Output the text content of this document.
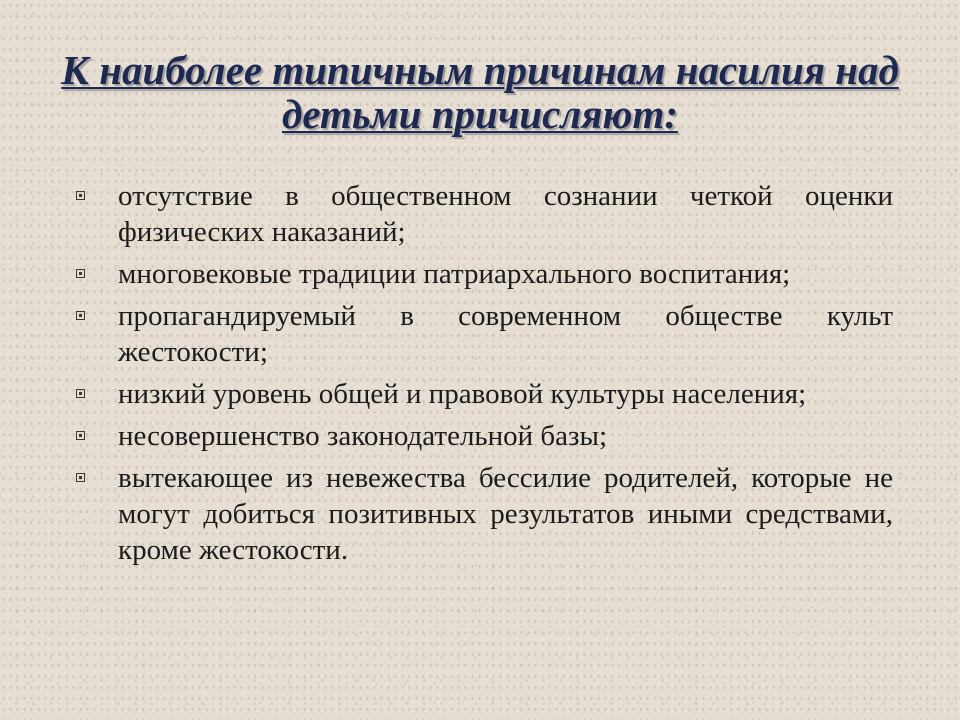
К наиболее типичным причинам насилия над
детьми причисляют:
отсутствие в общественном сознании четкой оценки физических наказаний;
многовековые традиции патриархального воспитания;
пропагандируемый в современном обществе культ жестокости;
низкий уровень общей и правовой культуры населения;
несовершенство законодательной базы;
вытекающее из невежества бессилие родителей, которые не могут добиться позитивных результатов иными средствами, кроме жестокости.
